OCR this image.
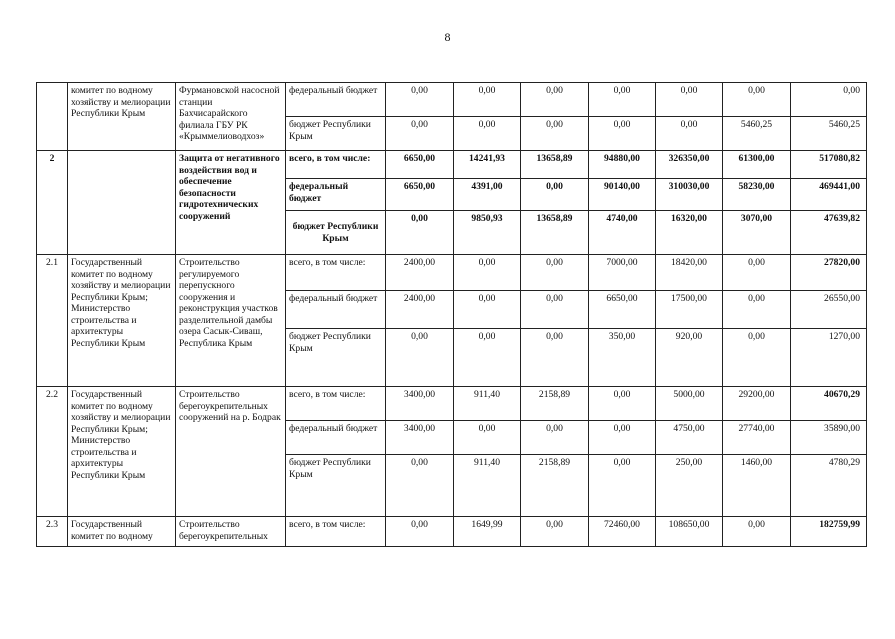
8
	комитет по водному хозяйству и мелиорации Республики Крым	Фурмановской насосной станции Бахчисарайского филиала ГБУ РК «Крыммелиоводхоз»	федеральный бюджет	0,00	0,00	0,00	0,00	0,00	0,00	0,00
			бюджет Республики Крым	0,00	0,00	0,00	0,00	0,00	5460,25	5460,25
2		Защита от негативного воздействия вод и обеспечение безопасности гидротехнических сооружений	всего, в том числе:	6650,00	14241,93	13658,89	94880,00	326350,00	61300,00	517080,82
			федеральный бюджет	6650,00	4391,00	0,00	90140,00	310030,00	58230,00	469441,00
			бюджет Республики Крым	0,00	9850,93	13658,89	4740,00	16320,00	3070,00	47639,82
2.1	Государственный комитет по водному хозяйству и мелиорации Республики Крым; Министерство строительства и архитектуры Республики Крым	Строительство регулируемого перепускного сооружения и реконструкция участков разделительной дамбы озера Сасык-Сиваш, Республика Крым	всего, в том числе:	2400,00	0,00	0,00	7000,00	18420,00	0,00	27820,00
			федеральный бюджет	2400,00	0,00	0,00	6650,00	17500,00	0,00	26550,00
			бюджет Республики Крым	0,00	0,00	0,00	350,00	920,00	0,00	1270,00
2.2	Государственный комитет по водному хозяйству и мелиорации Республики Крым; Министерство строительства и архитектуры Республики Крым	Строительство берегоукрепительных сооружений на р. Бодрак	всего, в том числе:	3400,00	911,40	2158,89	0,00	5000,00	29200,00	40670,29
			федеральный бюджет	3400,00	0,00	0,00	0,00	4750,00	27740,00	35890,00
			бюджет Республики Крым	0,00	911,40	2158,89	0,00	250,00	1460,00	4780,29
2.3	Государственный комитет по водному	Строительство берегоукрепительных	всего, в том числе:	0,00	1649,99	0,00	72460,00	108650,00	0,00	182759,99
